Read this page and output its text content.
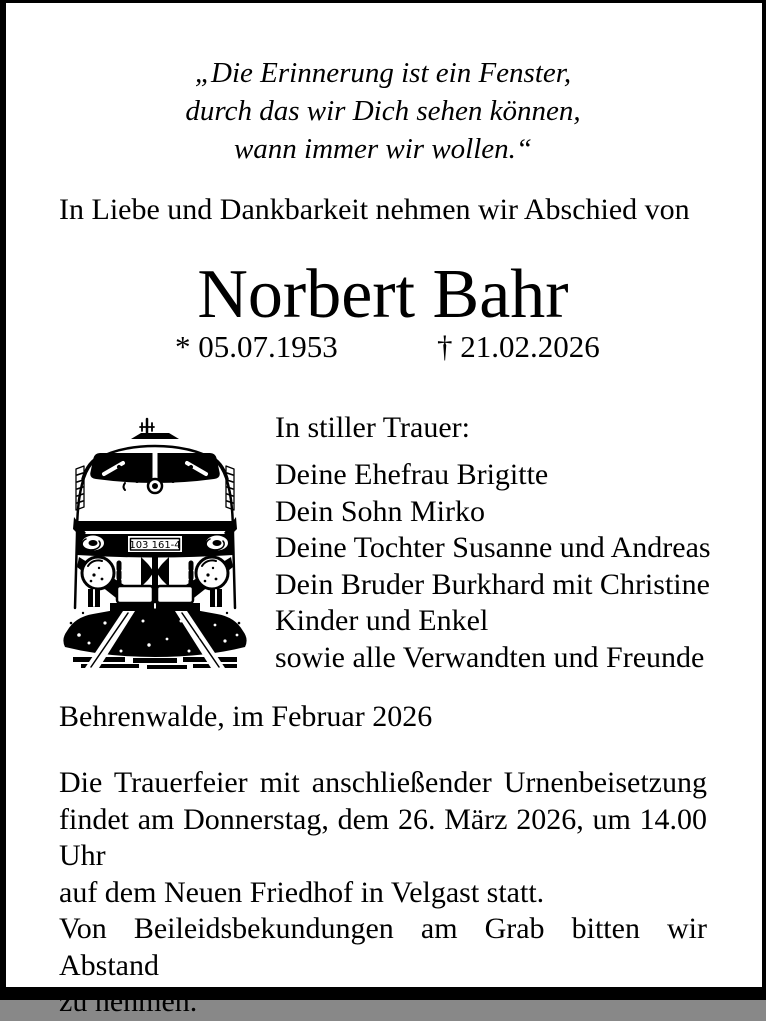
„Die Erinnerung ist ein Fenster,
durch das wir Dich sehen können,
wann immer wir wollen.“
In Liebe und Dankbarkeit nehmen wir Abschied von
Norbert Bahr
* 05.07.1953	† 21.02.2026
103 161-4
In stiller Trauer:
Deine Ehefrau Brigitte
Dein Sohn Mirko
Deine Tochter Susanne und Andreas
Dein Bruder Burkhard mit Christine
Kinder und Enkel
sowie alle Verwandten und Freunde
Behrenwalde, im Februar 2026
Die Trauerfeier mit anschließender Urnenbeisetzung
findet am Donnerstag, dem 26. März 2026, um 14.00 Uhr
auf dem Neuen Friedhof in Velgast statt.
Von Beileidsbekundungen am Grab bitten wir Abstand
zu nehmen.
